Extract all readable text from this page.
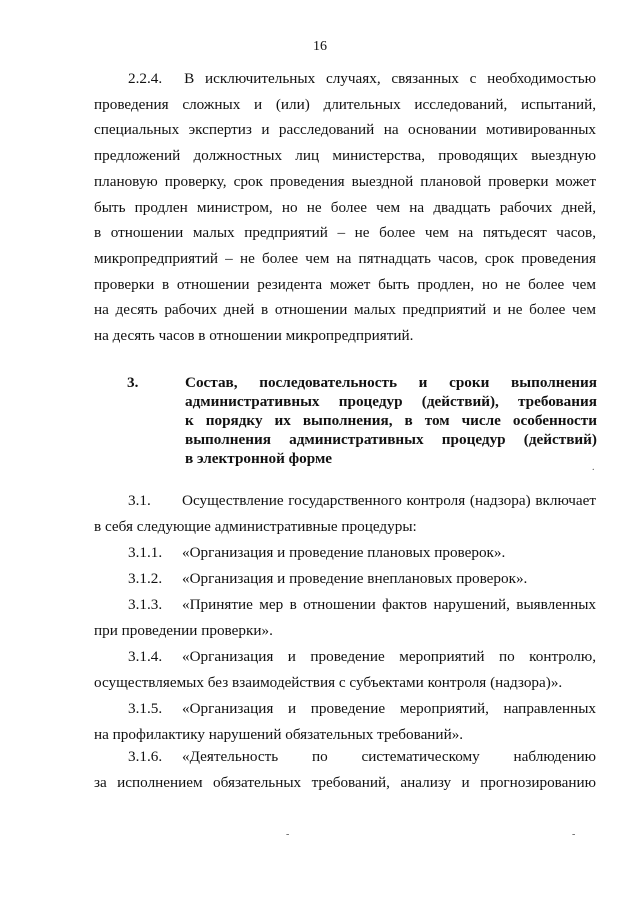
16
2.2.4. В исключительных случаях, связанных с необходимостью
проведения сложных и (или) длительных исследований, испытаний,
специальных экспертиз и расследований на основании мотивированных
предложений должностных лиц министерства, проводящих выездную
плановую проверку, срок проведения выездной плановой проверки может
быть продлен министром, но не более чем на двадцать рабочих дней,
в отношении малых предприятий – не более чем на пятьдесят часов,
микропредприятий – не более чем на пятнадцать часов, срок проведения
проверки в отношении резидента может быть продлен, но не более чем
на десять рабочих дней в отношении малых предприятий и не более чем
на десять часов в отношении микропредприятий.
3.	Состав, последовательность и сроки выполнения
административных процедур (действий), требования
к порядку их выполнения, в том числе особенности
выполнения административных процедур (действий)
в электронной форме
3.1. Осуществление государственного контроля (надзора) включает
в себя следующие административные процедуры:
3.1.1. «Организация и проведение плановых проверок».
3.1.2. «Организация и проведение внеплановых проверок».
3.1.3. «Принятие мер в отношении фактов нарушений, выявленных
при проведении проверки».
3.1.4. «Организация и проведение мероприятий по контролю,
осуществляемых без взаимодействия с субъектами контроля (надзора)».
3.1.5. «Организация и проведение мероприятий, направленных
на профилактику нарушений обязательных требований».
3.1.6. «Деятельность по систематическому наблюдению
за исполнением обязательных требований, анализу и прогнозированию
.
-	-
